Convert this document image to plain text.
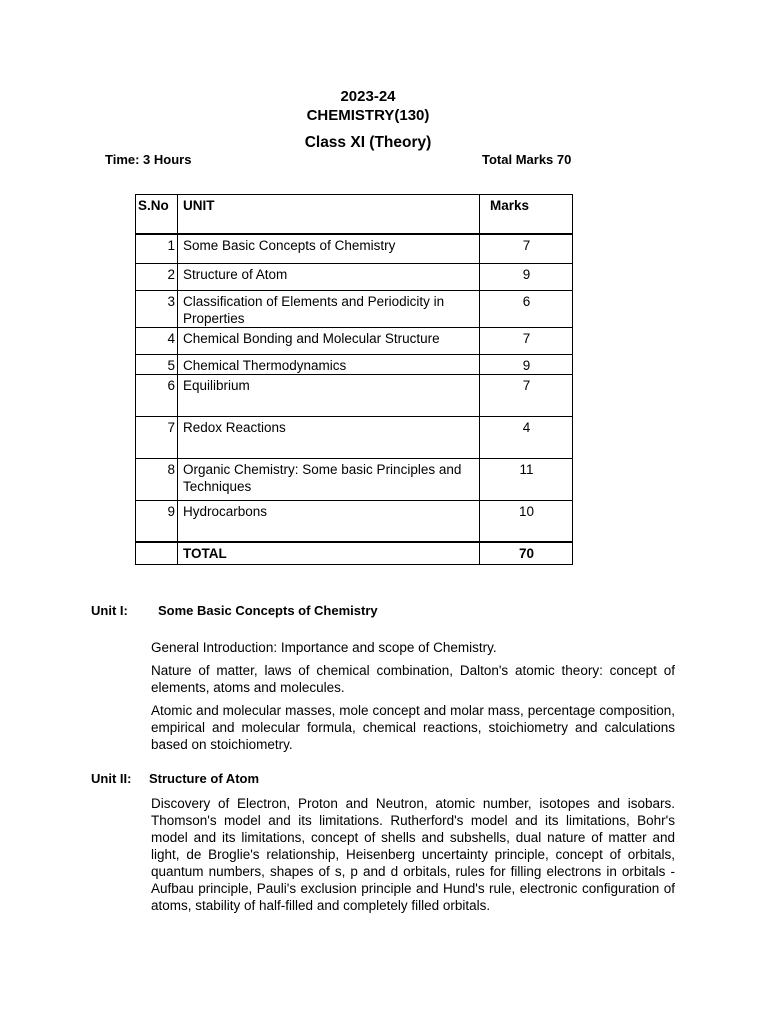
2023-24
CHEMISTRY(130)
Class XI (Theory)
Time: 3 Hours	Total Marks 70
S.No	UNIT	Marks
1	Some Basic Concepts of Chemistry	7
2	Structure of Atom	9
3	Classification of Elements and Periodicity in Properties	6
4	Chemical Bonding and Molecular Structure	7
5	Chemical Thermodynamics	9
6	Equilibrium	7
7	Redox Reactions	4
8	Organic Chemistry: Some basic Principles and Techniques	11
9	Hydrocarbons	10
	TOTAL	70
Unit I: Some Basic Concepts of Chemistry
General Introduction: Importance and scope of Chemistry.
Nature of matter, laws of chemical combination, Dalton's atomic theory: concept of elements, atoms and molecules.
Atomic and molecular masses, mole concept and molar mass, percentage composition, empirical and molecular formula, chemical reactions, stoichiometry and calculations based on stoichiometry.
Unit II: Structure of Atom
Discovery of Electron, Proton and Neutron, atomic number, isotopes and isobars. Thomson's model and its limitations. Rutherford's model and its limitations, Bohr's model and its limitations, concept of shells and subshells, dual nature of matter and light, de Broglie's relationship, Heisenberg uncertainty principle, concept of orbitals, quantum numbers, shapes of s, p and d orbitals, rules for filling electrons in orbitals - Aufbau principle, Pauli's exclusion principle and Hund's rule, electronic configuration of atoms, stability of half-filled and completely filled orbitals.
